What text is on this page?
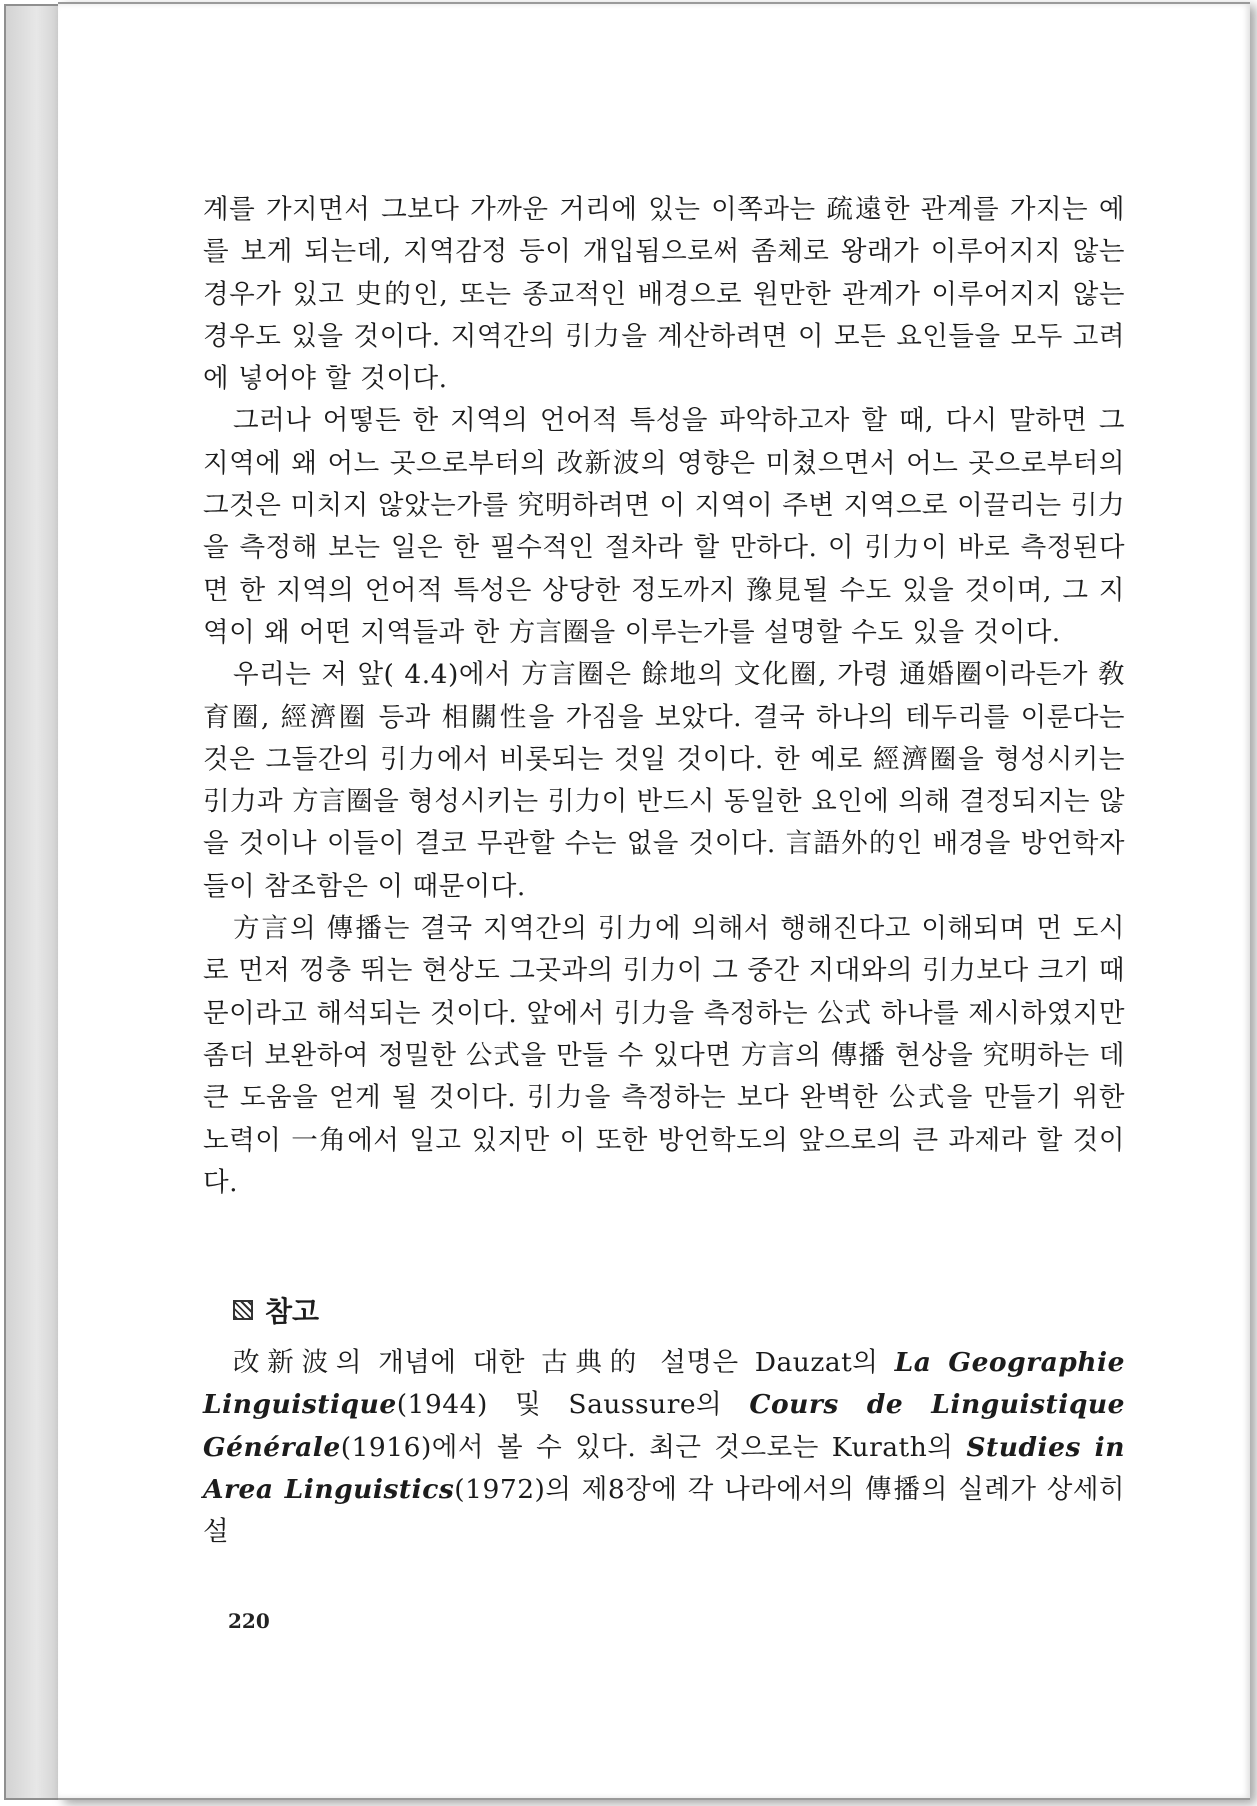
계를 가지면서 그보다 가까운 거리에 있는 이쪽과는 疏遠한 관계를 가지는 예를 보게 되는데, 지역감정 등이 개입됨으로써 좀체로 왕래가 이루어지지 않는 경우가 있고 史的인, 또는 종교적인 배경으로 원만한 관계가 이루어지지 않는 경우도 있을 것이다. 지역간의 引力을 계산하려면 이 모든 요인들을 모두 고려에 넣어야 할 것이다.

그러나 어떻든 한 지역의 언어적 특성을 파악하고자 할 때, 다시 말하면 그 지역에 왜 어느 곳으로부터의 改新波의 영향은 미쳤으면서 어느 곳으로부터의 그것은 미치지 않았는가를 究明하려면 이 지역이 주변 지역으로 이끌리는 引力을 측정해 보는 일은 한 필수적인 절차라 할 만하다. 이 引力이 바로 측정된다면 한 지역의 언어적 특성은 상당한 정도까지 豫見될 수도 있을 것이며, 그 지역이 왜 어떤 지역들과 한 方言圈을 이루는가를 설명할 수도 있을 것이다.

우리는 저 앞( 4.4)에서 方言圈은 餘地의 文化圈, 가령 通婚圈이라든가 敎育圈, 經濟圈 등과 相關性을 가짐을 보았다. 결국 하나의 테두리를 이룬다는 것은 그들간의 引力에서 비롯되는 것일 것이다. 한 예로 經濟圈을 형성시키는 引力과 方言圈을 형성시키는 引力이 반드시 동일한 요인에 의해 결정되지는 않을 것이나 이들이 결코 무관할 수는 없을 것이다. 言語外的인 배경을 방언학자들이 참조함은 이 때문이다.

方言의 傳播는 결국 지역간의 引力에 의해서 행해진다고 이해되며 먼 도시로 먼저 껑충 뛰는 현상도 그곳과의 引力이 그 중간 지대와의 引力보다 크기 때문이라고 해석되는 것이다. 앞에서 引力을 측정하는 公式 하나를 제시하였지만 좀더 보완하여 정밀한 公式을 만들 수 있다면 方言의 傳播 현상을 究明하는 데 큰 도움을 얻게 될 것이다. 引力을 측정하는 보다 완벽한 公式을 만들기 위한 노력이 一角에서 일고 있지만 이 또한 방언학도의 앞으로의 큰 과제라 할 것이다.

참고

改新波의 개념에 대한 古典的 설명은 Dauzat의 La Geographie Linguistique(1944) 및 Saussure의 Cours de Linguistique Générale(1916)에서 볼 수 있다. 최근 것으로는 Kurath의 Studies in Area Linguistics(1972)의 제8장에 각 나라에서의 傳播의 실례가 상세히 설

220
